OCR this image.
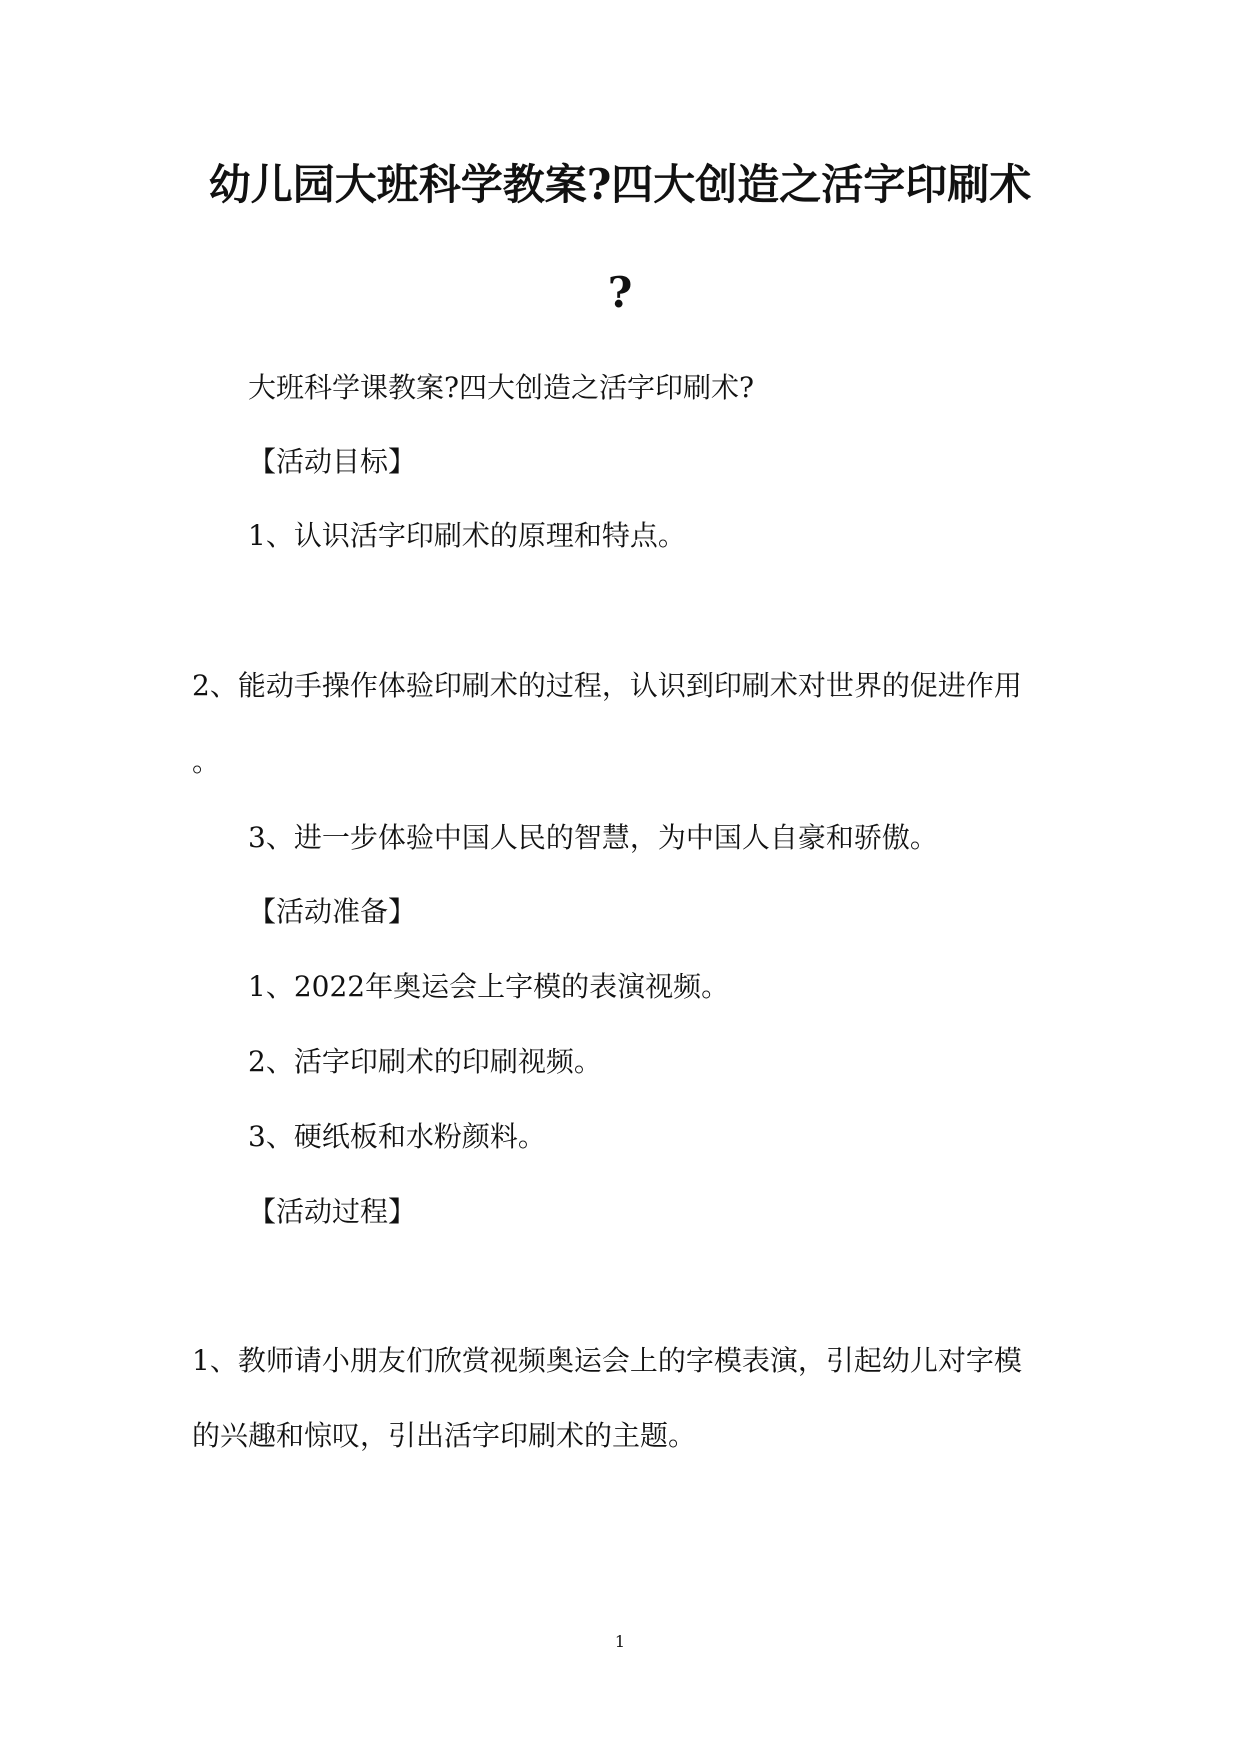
幼儿园大班科学教案?四大创造之活字印刷术
?

大班科学课教案?四大创造之活字印刷术?

【活动目标】

1、认识活字印刷术的原理和特点。

2、能动手操作体验印刷术的过程，认识到印刷术对世界的促进作用

。

3、进一步体验中国人民的智慧，为中国人自豪和骄傲。

【活动准备】

1、2022年奥运会上字模的表演视频。

2、活字印刷术的印刷视频。

3、硬纸板和水粉颜料。

【活动过程】

1、教师请小朋友们欣赏视频奥运会上的字模表演，引起幼儿对字模

的兴趣和惊叹，引出活字印刷术的主题。

1
